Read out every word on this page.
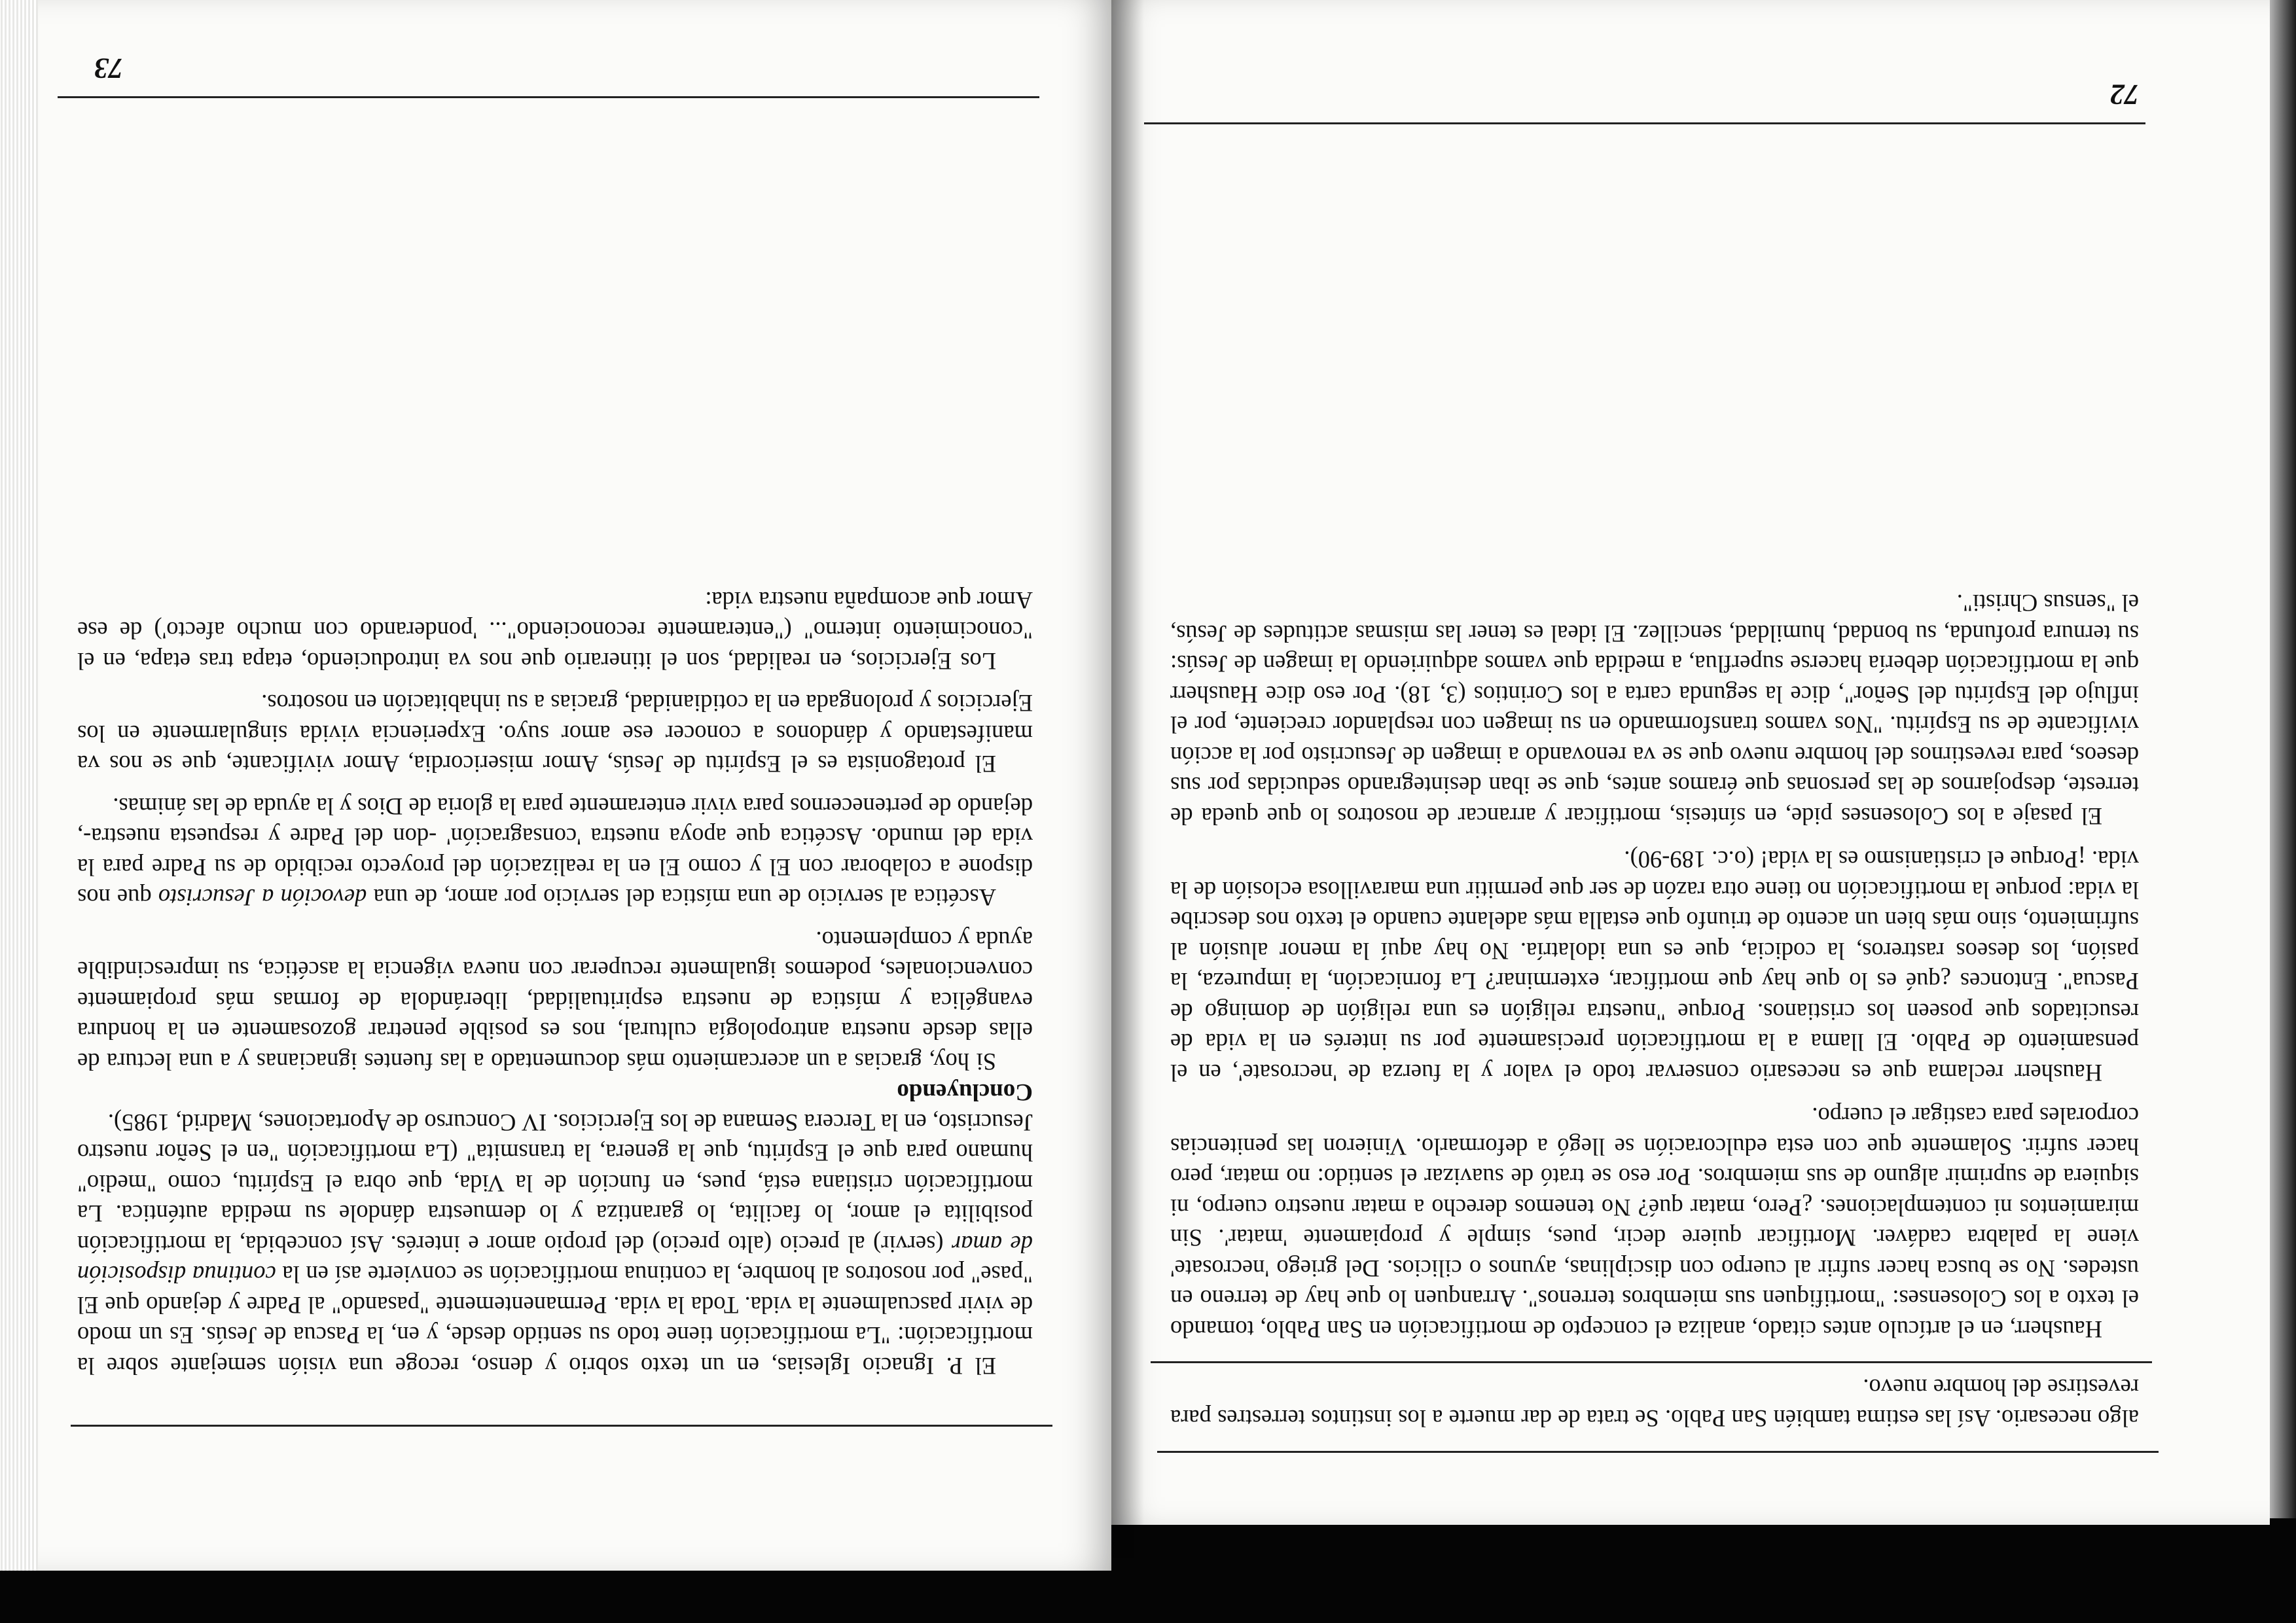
algo necesario. Así las estima también San Pablo. Se trata de dar muerte a los instintos terrestres para revestirse del hombre nuevo.

Hausherr, en el artículo antes citado, analiza el concepto de mortificación en San Pablo, tomando el texto a los Colosenses: "mortifiquen sus miembros terrenos". Arranquen lo que hay de terreno en ustedes. No se busca hacer sufrir al cuerpo con disciplinas, ayunos o cilicios. Del griego 'necrosate' viene la palabra cadáver. Mortificar quiere decir, pues, simple y propiamente 'matar'. Sin miramientos ni contemplaciones. ¿Pero, matar qué? No tenemos derecho a matar nuestro cuerpo, ni siquiera de suprimir alguno de sus miembros. Por eso se trató de suavizar el sentido: no matar, pero hacer sufrir. Solamente que con esta edulcoración se llegó a deformarlo. Vinieron las penitencias corporales para castigar el cuerpo.

Hausherr reclama que es necesario conservar todo el valor y la fuerza de 'necrosate', en el pensamiento de Pablo. El llama a la mortificación precisamente por su interés en la vida de resucitados que poseen los cristianos. Porque "nuestra religión es una religión de domingo de Pascua". Entonces ¿qué es lo que hay que mortificar, exterminar? La fornicación, la impureza, la pasión, los deseos rastreros, la codicia, que es una idolatría. No hay aquí la menor alusión al sufrimiento, sino más bien un acento de triunfo que estalla más adelante cuando el texto nos describe la vida: porque la mortificación no tiene otra razón de ser que permitir una maravillosa eclosión de la vida. ¡Porque el cristianismo es la vida! (o.c. 189-90).

El pasaje a los Colosenses pide, en síntesis, mortificar y arrancar de nosotros lo que queda de terreste, despojarnos de las personas que éramos antes, que se iban desintegrando seducidas por sus deseos, para revestirnos del hombre nuevo que se va renovando a imagen de Jesucristo por la acción vivificante de su Espíritu. "Nos vamos transformando en su imagen con resplandor creciente, por el influjo del Espíritu del Señor", dice la segunda carta a los Corintios (3, 18). Por eso dice Hausherr que la mortificación debería hacerse superflua, a medida que vamos adquiriendo la imagen de Jesús: su ternura profunda, su bondad, humildad, sencillez. El ideal es tener las mismas actitudes de Jesús, el "sensus Christi".

72

El P. Ignacio Iglesias, en un texto sobrio y denso, recoge una visión semejante sobre la mortificación: "La mortificación tiene todo su sentido desde, y en, la Pascua de Jesús. Es un modo de vivir pascualmente la vida. Toda la vida. Permanentemente "pasando" al Padre y dejando que El "pase" por nosotros al hombre, la continua mortificación se convierte así en la continua disposición de amar (servir) al precio (alto precio) del propio amor e interés. Así concebida, la mortificación posibilita el amor, lo facilita, lo garantiza y lo demuestra dándole su medida auténtica. La mortificación cristiana está, pues, en función de la Vida, que obra el Espíritu, como "medio" humano para que el Espíritu, que la genera, la transmita" (La mortificación "en el Señor nuestro Jesucristo, en la Tercera Semana de los Ejercicios. IV Concurso de Aportaciones, Madrid, 1985).

Concluyendo

Si hoy, gracias a un acercamiento más documentado a las fuentes ignacianas y a una lectura de ellas desde nuestra antropología cultural, nos es posible penetrar gozosamente en la hondura evangélica y mística de nuestra espiritualidad, liberándola de formas más propiamente convencionales, podemos igualmente recuperar con nueva vigencia la ascética, su imprescindible ayuda y complemento.

Ascética al servicio de una mística del servicio por amor, de una devoción a Jesucristo que nos dispone a colaborar con El y como El en la realización del proyecto recibido de su Padre para la vida del mundo. Ascética que apoya nuestra 'consagración' -don del Padre y respuesta nuestra-, dejando de pertenecernos para vivir enteramente para la gloria de Dios y la ayuda de las ánimas.

El protagonista es el Espíritu de Jesús, Amor misericordia, Amor vivificante, que se nos va manifestando y dándonos a conocer ese amor suyo. Experiencia vivida singularmente en los Ejercicios y prolongada en la cotidianidad, gracias a su inhabitación en nosotros.

Los Ejercicios, en realidad, son el itinerario que nos va introduciendo, etapa tras etapa, en el "conocimiento interno" ("enteramente reconociendo"... 'ponderando con mucho afecto') de ese Amor que acompaña nuestra vida:

73
